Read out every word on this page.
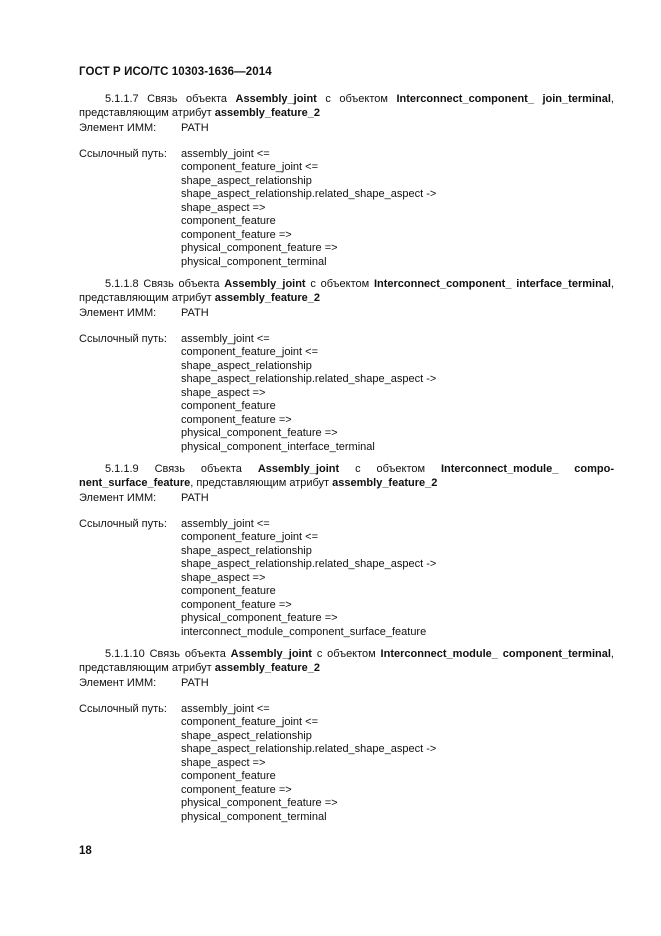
ГОСТ Р ИСО/ТС 10303-1636—2014

5.1.1.7 Связь объекта Assembly_joint с объектом Interconnect_component_ join_terminal,
представляющим атрибут assembly_feature_2

Элемент ИММ:	PATH
Ссылочный путь:	assembly_joint <=
component_feature_joint <=
shape_aspect_relationship
shape_aspect_relationship.related_shape_aspect ->
shape_aspect =>
component_feature
component_feature =>
physical_component_feature =>
physical_component_terminal

5.1.1.8 Связь объекта Assembly_joint с объектом Interconnect_component_ interface_terminal,
представляющим атрибут assembly_feature_2

Элемент ИММ:	PATH
Ссылочный путь:	assembly_joint <=
component_feature_joint <=
shape_aspect_relationship
shape_aspect_relationship.related_shape_aspect ->
shape_aspect =>
component_feature
component_feature =>
physical_component_feature =>
physical_component_interface_terminal

5.1.1.9 Связь объекта Assembly_joint с объектом Interconnect_module_ compo-
nent_surface_feature, представляющим атрибут assembly_feature_2

Элемент ИММ:	PATH
Ссылочный путь:	assembly_joint <=
component_feature_joint <=
shape_aspect_relationship
shape_aspect_relationship.related_shape_aspect ->
shape_aspect =>
component_feature
component_feature =>
physical_component_feature =>
interconnect_module_component_surface_feature

5.1.1.10 Связь объекта Assembly_joint с объектом Interconnect_module_ component_terminal,
представляющим атрибут assembly_feature_2

Элемент ИММ:	PATH
Ссылочный путь:	assembly_joint <=
component_feature_joint <=
shape_aspect_relationship
shape_aspect_relationship.related_shape_aspect ->
shape_aspect =>
component_feature
component_feature =>
physical_component_feature =>
physical_component_terminal
18
